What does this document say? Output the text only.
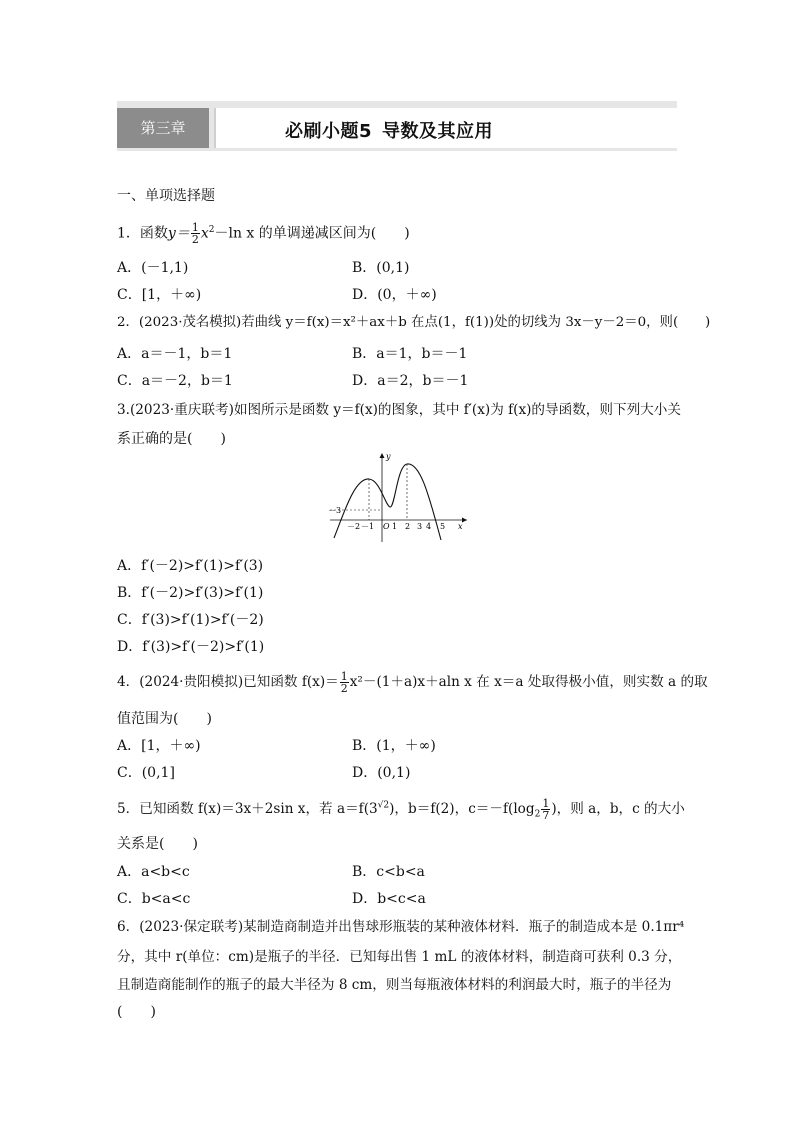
第三章	必刷小题5 导数及其应用
一、单项选择题
1．函数$y= \frac{1}{2} x^2-\ln$ x 的单调递减区间为(　　)
A．(－1,1)	B．(0,1)
C．[1，＋∞)	D．(0，＋∞)
2．(2023·茂名模拟)若曲线 y＝f(x)＝x²＋ax＋b 在点(1，f(1))处的切线为 3x－y－2＝0，则(　　)
A．a＝－1，b＝1	B．a＝1，b＝－1
C．a＝－2，b＝1	D．a＝2，b＝－1
3.(2023·重庆联考)如图所示是函数 y＝f(x)的图象，其中 f′(x)为 f(x)的导函数，则下列大小关
系正确的是(　　)
y
x
－3
－2 －1 O 1 2 3 4 5
A．f′(－2)>f′(1)>f′(3)
B．f′(－2)>f′(3)>f′(1)
C．f′(3)>f′(1)>f′(－2)
D．f′(3)>f′(－2)>f′(1)
4．(2024·贵阳模拟)已知函数 $f(x)= \frac{1}{2} x^2-(1+a)x+aln$ x 在 x＝a 处取得极小值，则实数 a 的取
值范围为(　　)
A．[1，＋∞)	B．(1，＋∞)
C．(0,1]	D．(0,1)
5．已知函数 f(x)＝3x＋2sin x，若 $a=f(3^{√2})$，b＝f(2)，$c=-f(\log_2 \frac{1}{7}$ )，则 a，b，c 的大小
关系是(　　)
A．a<b<c	B．c<b<a
C．b<a<c	D．b<c<a
6．(2023·保定联考)某制造商制造并出售球形瓶装的某种液体材料．瓶子的制造成本是 0.1πr⁴
分，其中 r(单位：cm)是瓶子的半径．已知每出售 1 mL 的液体材料，制造商可获利 0.3 分，
且制造商能制作的瓶子的最大半径为 8 cm，则当每瓶液体材料的利润最大时，瓶子的半径为
(　　)
